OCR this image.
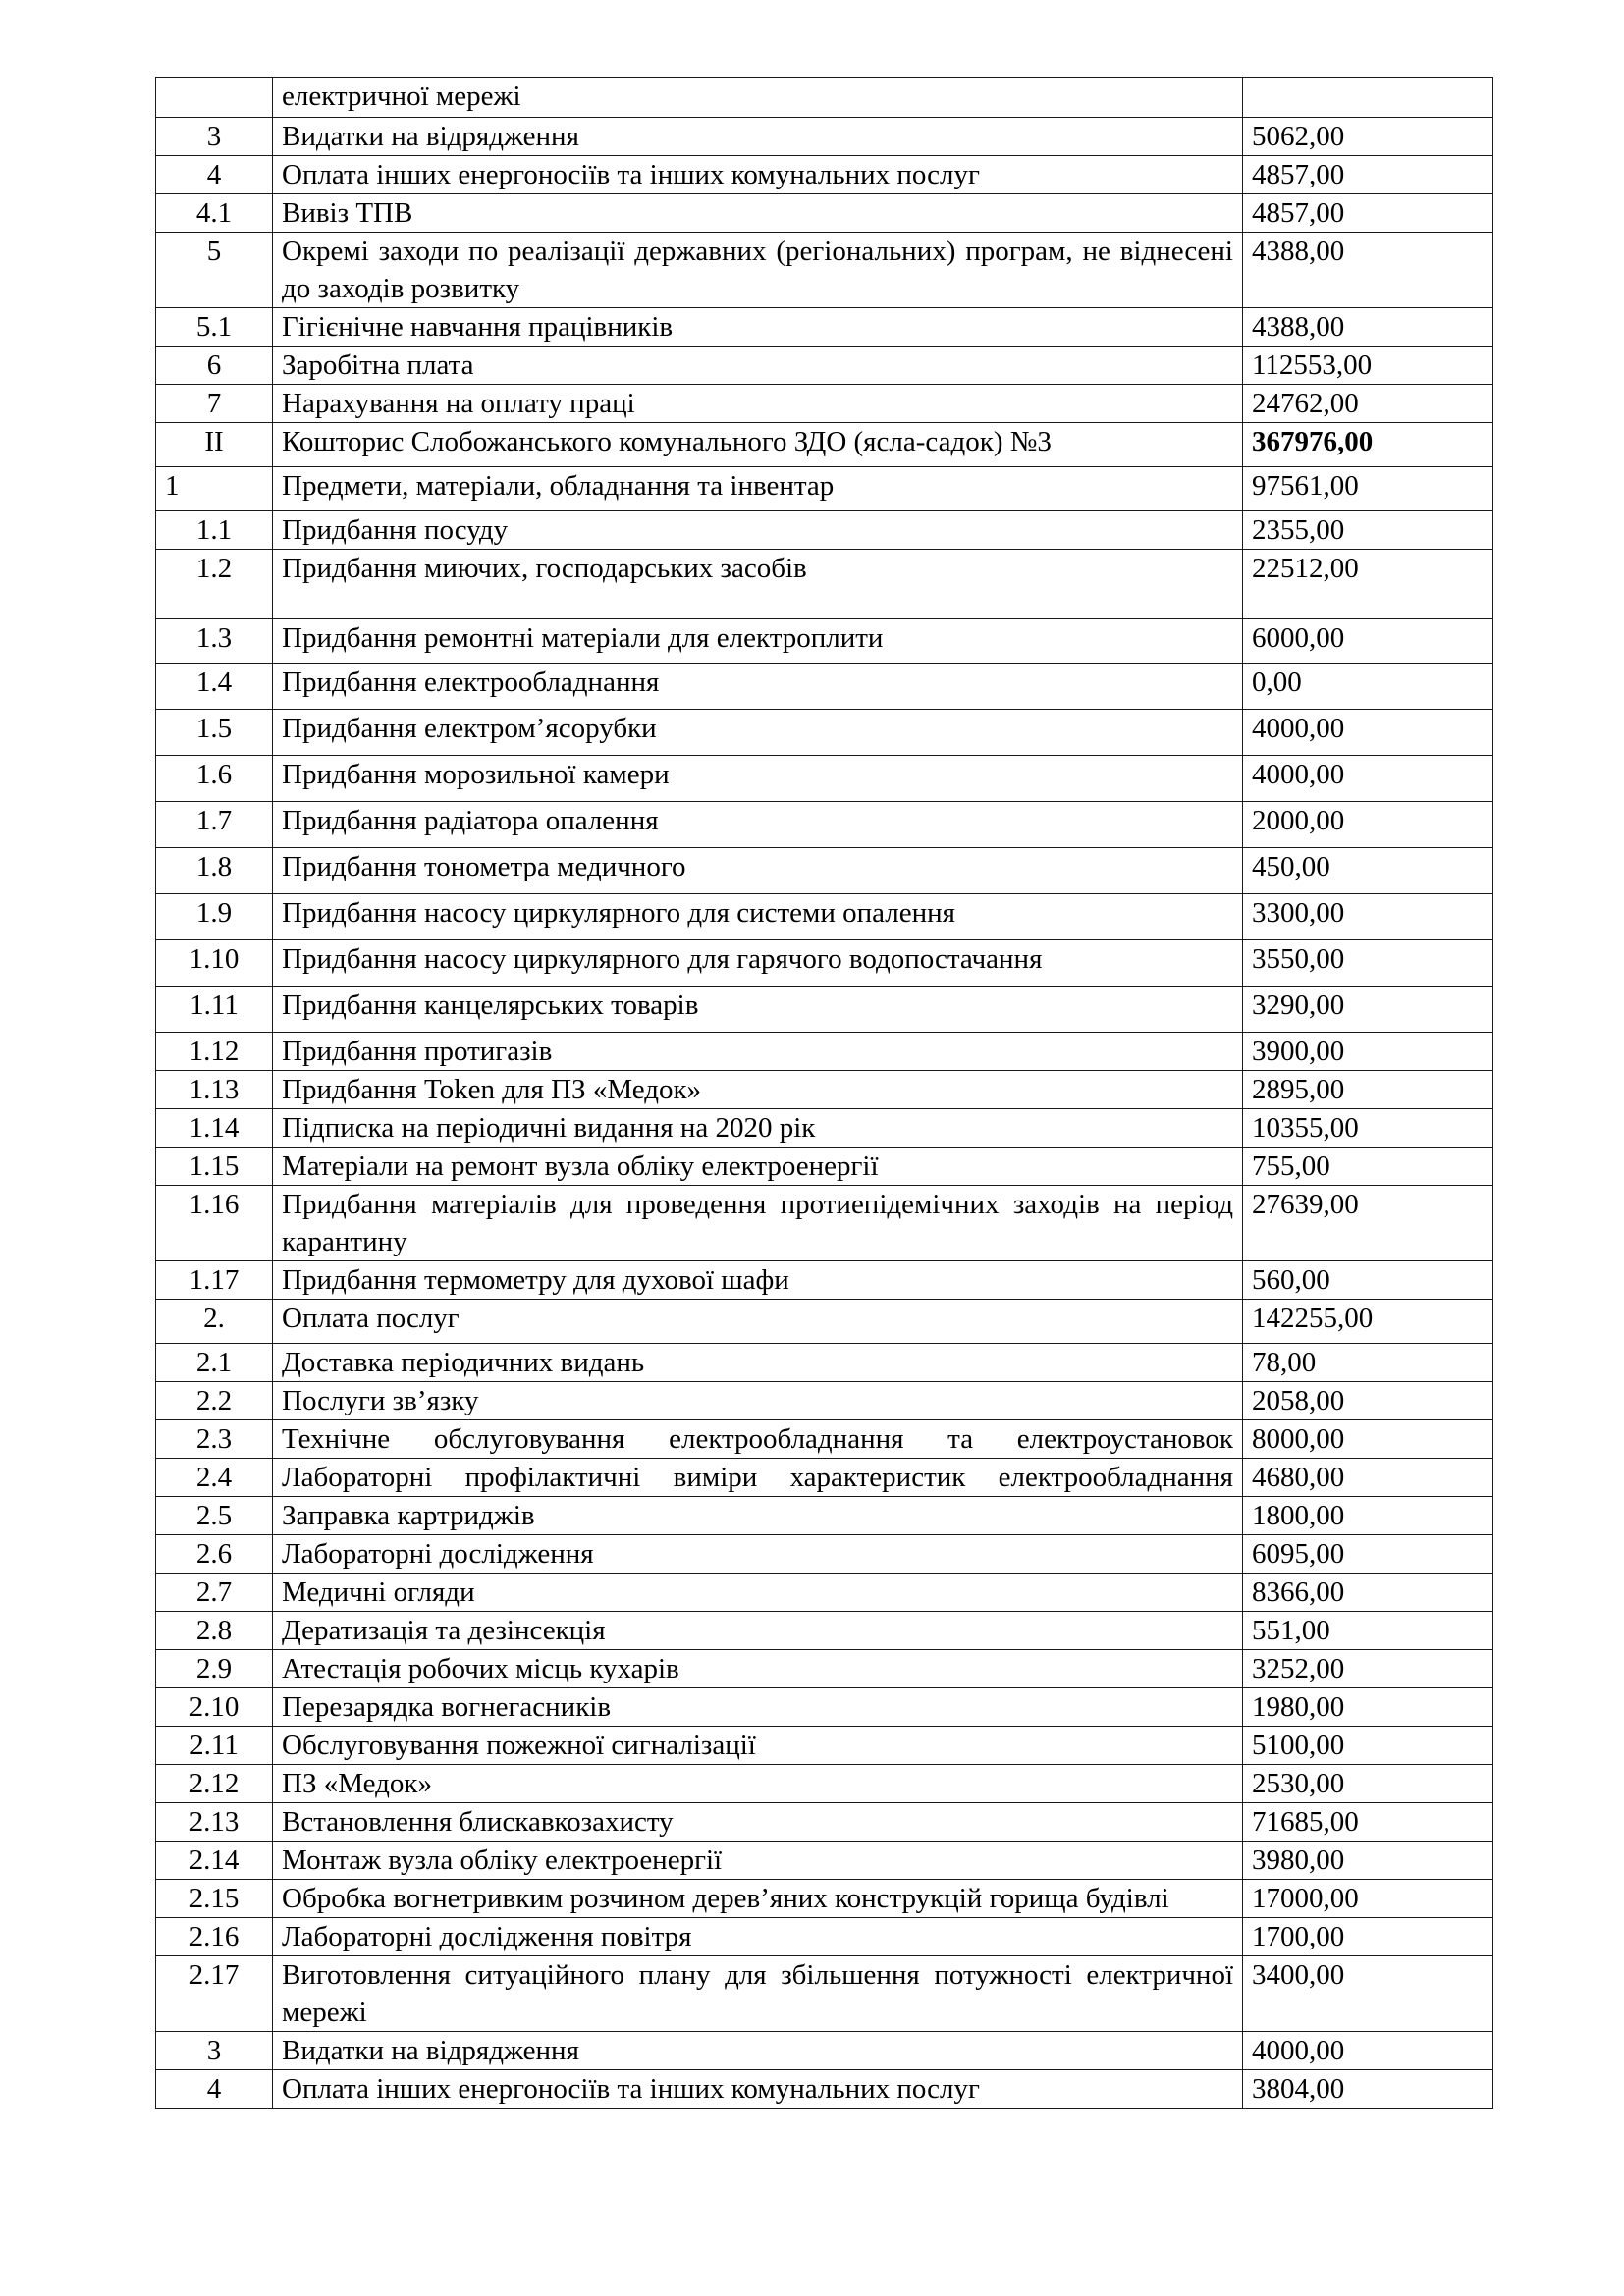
	електричної мережі	
3	Видатки на відрядження	5062,00
4	Оплата інших енергоносіїв та інших комунальних послуг	4857,00
4.1	Вивіз ТПВ	4857,00
5	Окремі заходи по реалізації державних (регіональних) програм, не віднесені до заходів розвитку	4388,00
5.1	Гігієнічне навчання працівників	4388,00
6	Заробітна плата	112553,00
7	Нарахування на оплату праці	24762,00
II	Кошторис Слобожанського комунального ЗДО (ясла-садок) №3	367976,00
1	Предмети, матеріали, обладнання та інвентар	97561,00
1.1	Придбання посуду	2355,00
1.2	Придбання миючих, господарських засобів	22512,00
1.3	Придбання ремонтні матеріали для електроплити	6000,00
1.4	Придбання електрообладнання	0,00
1.5	Придбання електром’ясорубки	4000,00
1.6	Придбання морозильної камери	4000,00
1.7	Придбання радіатора опалення	2000,00
1.8	Придбання тонометра медичного	450,00
1.9	Придбання насосу циркулярного для системи опалення	3300,00
1.10	Придбання насосу циркулярного для гарячого водопостачання	3550,00
1.11	Придбання канцелярських товарів	3290,00
1.12	Придбання протигазів	3900,00
1.13	Придбання Token для ПЗ «Медок»	2895,00
1.14	Підписка на періодичні видання на 2020 рік	10355,00
1.15	Матеріали на ремонт вузла обліку електроенергії	755,00
1.16	Придбання матеріалів для проведення протиепідемічних заходів на період карантину	27639,00
1.17	Придбання термометру для духової шафи	560,00
2.	Оплата послуг	142255,00
2.1	Доставка періодичних видань	78,00
2.2	Послуги зв’язку	2058,00
2.3	Технічне обслуговування електрообладнання та електроустановок	8000,00
2.4	Лабораторні профілактичні виміри характеристик електрообладнання	4680,00
2.5	Заправка картриджів	1800,00
2.6	Лабораторні дослідження	6095,00
2.7	Медичні огляди	8366,00
2.8	Дератизація та дезінсекція	551,00
2.9	Атестація робочих місць кухарів	3252,00
2.10	Перезарядка вогнегасників	1980,00
2.11	Обслуговування пожежної сигналізації	5100,00
2.12	ПЗ «Медок»	2530,00
2.13	Встановлення блискавкозахисту	71685,00
2.14	Монтаж вузла обліку електроенергії	3980,00
2.15	Обробка вогнетривким розчином дерев’яних конструкцій горища будівлі	17000,00
2.16	Лабораторні дослідження повітря	1700,00
2.17	Виготовлення ситуаційного плану для збільшення потужності електричної мережі	3400,00
3	Видатки на відрядження	4000,00
4	Оплата інших енергоносіїв та інших комунальних послуг	3804,00
